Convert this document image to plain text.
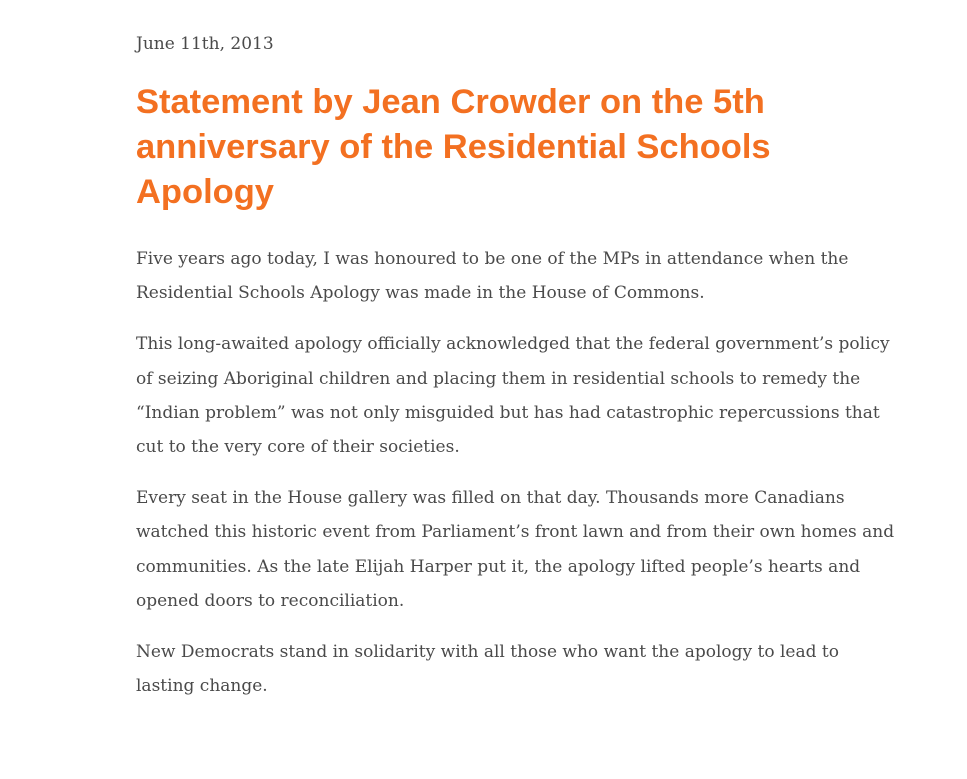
June 11th, 2013

Statement by Jean Crowder on the 5th anniversary of the Residential Schools Apology

Five years ago today, I was honoured to be one of the MPs in attendance when the Residential Schools Apology was made in the House of Commons.

This long-awaited apology officially acknowledged that the federal government’s policy of seizing Aboriginal children and placing them in residential schools to remedy the “Indian problem” was not only misguided but has had catastrophic repercussions that cut to the very core of their societies.

Every seat in the House gallery was filled on that day. Thousands more Canadians watched this historic event from Parliament’s front lawn and from their own homes and communities. As the late Elijah Harper put it, the apology lifted people’s hearts and opened doors to reconciliation.

New Democrats stand in solidarity with all those who want the apology to lead to lasting change.
